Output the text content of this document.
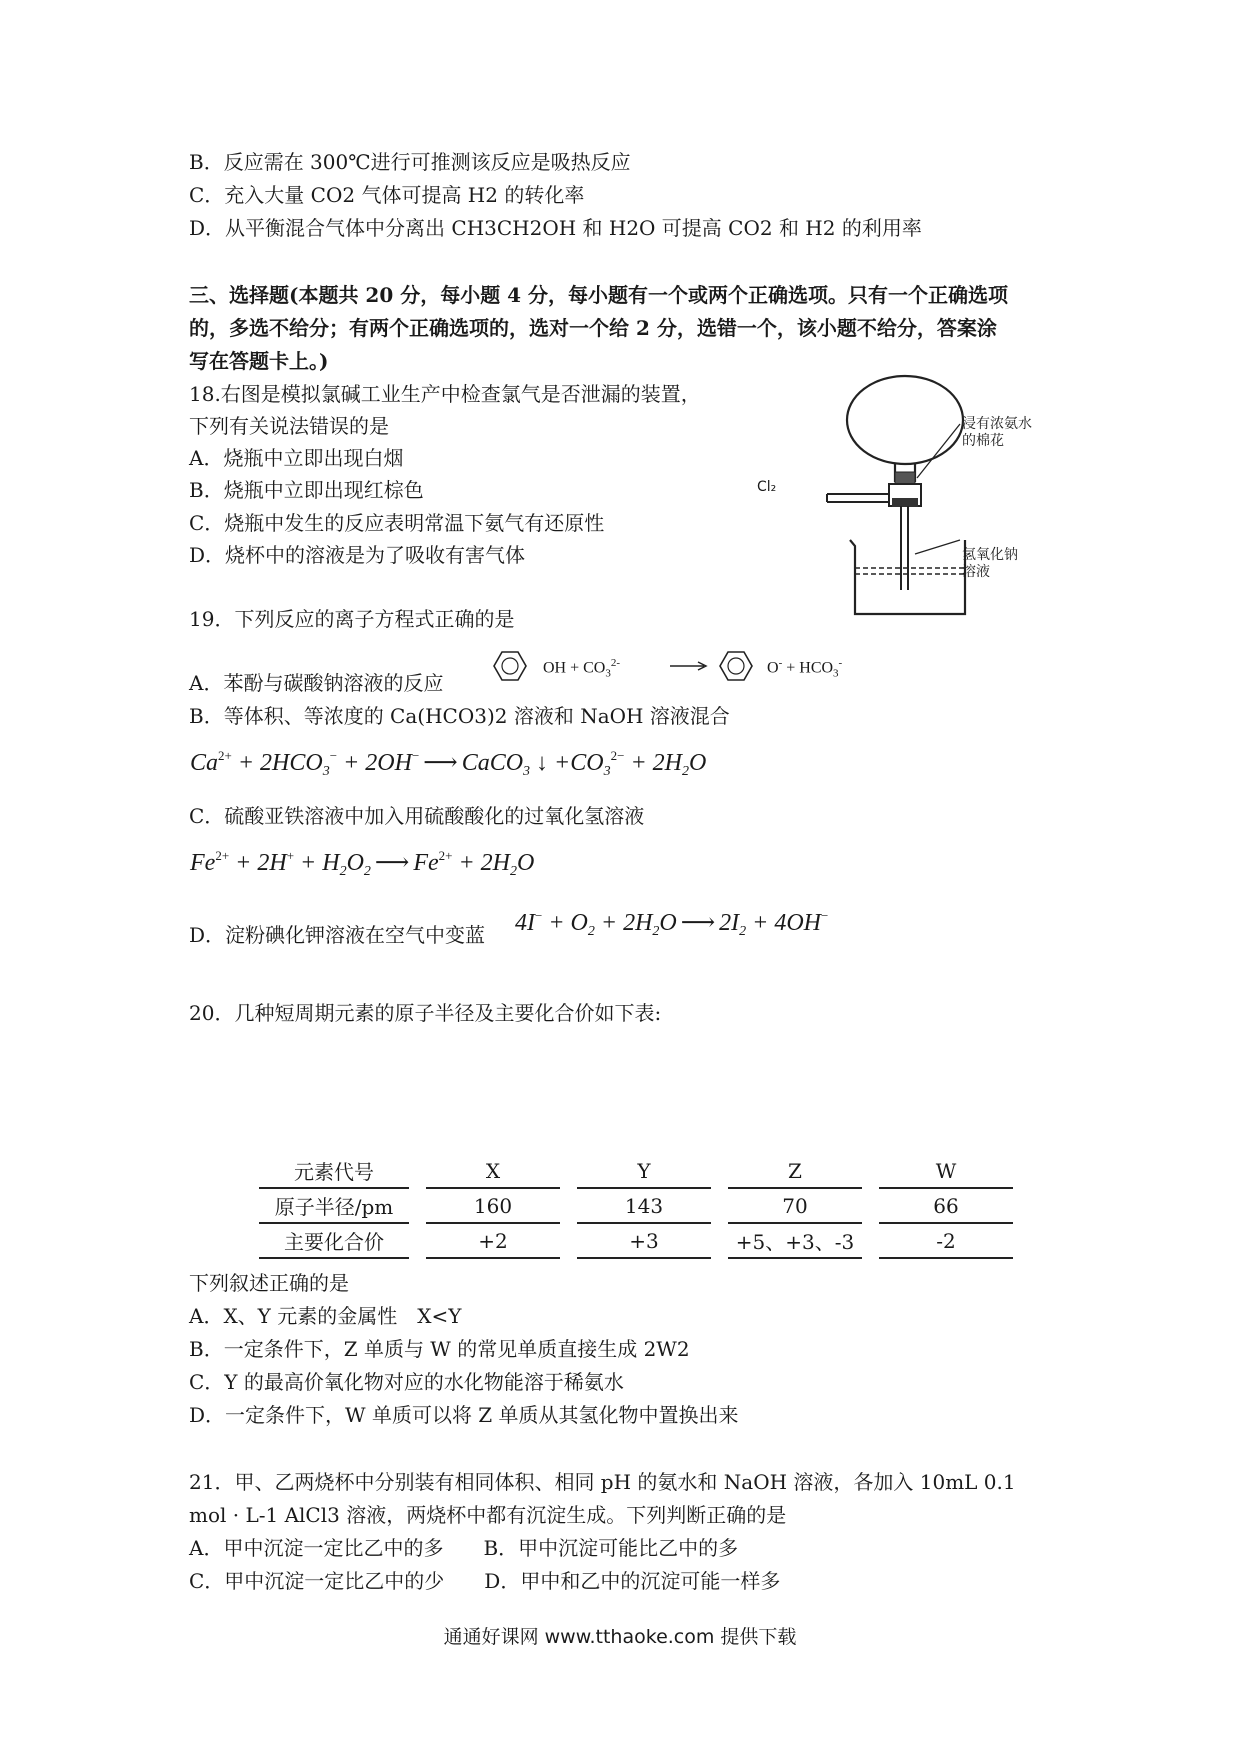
B．反应需在 300℃进行可推测该反应是吸热反应
C．充入大量 CO2 气体可提高 H2 的转化率
D．从平衡混合气体中分离出 CH3CH2OH 和 H2O 可提高 CO2 和 H2 的利用率
三、选择题(本题共 20 分，每小题 4 分，每小题有一个或两个正确选项。只有一个正确选项
的，多选不给分；有两个正确选项的，选对一个给 2 分，选错一个，该小题不给分，答案涂
写在答题卡上。)
18.右图是模拟氯碱工业生产中检查氯气是否泄漏的装置，
下列有关说法错误的是
A．烧瓶中立即出现白烟
B．烧瓶中立即出现红棕色
C．烧瓶中发生的反应表明常温下氨气有还原性
D．烧杯中的溶液是为了吸收有害气体
Cl₂
浸有浓氨水
的棉花
氢氧化钠
溶液
19．下列反应的离子方程式正确的是
A．苯酚与碳酸钠溶液的反应
OH + $CO_3^{2-}$	$O^- + HCO_3^-$
B．等体积、等浓度的 Ca(HCO3)2 溶液和 NaOH 溶液混合
$Ca^{2+} + 2HCO_3^- + 2OH^-$ ⟶ CaCO$_3$ ↓ $+CO_3^{2-} + 2H_2O$
C．硫酸亚铁溶液中加入用硫酸酸化的过氧化氢溶液
$Fe^{2+} + 2H^+ + H_2O_2$ ⟶ $Fe^{2+} + 2H_2O$
D．淀粉碘化钾溶液在空气中变蓝 $4I^- + O_2 + 2H_2O$ ⟶ $2I_2 + 4OH^-$
20．几种短周期元素的原子半径及主要化合价如下表:
元素代号		X		Y		Z		W
原子半径/pm		160		143		70		66
主要化合价		+2		+3		+5、+3、-3		-2
下列叙述正确的是
A．X、Y 元素的金属性　X<Y
B．一定条件下，Z 单质与 W 的常见单质直接生成 2W2
C．Y 的最高价氧化物对应的水化物能溶于稀氨水
D．一定条件下，W 单质可以将 Z 单质从其氢化物中置换出来
21．甲、乙两烧杯中分别装有相同体积、相同 pH 的氨水和 NaOH 溶液，各加入 10mL 0.1
mol · L-1 AlCl3 溶液，两烧杯中都有沉淀生成。下列判断正确的是
A．甲中沉淀一定比乙中的多　　B．甲中沉淀可能比乙中的多
C．甲中沉淀一定比乙中的少　　D．甲中和乙中的沉淀可能一样多
通通好课网 www.tthaoke.com 提供下载
